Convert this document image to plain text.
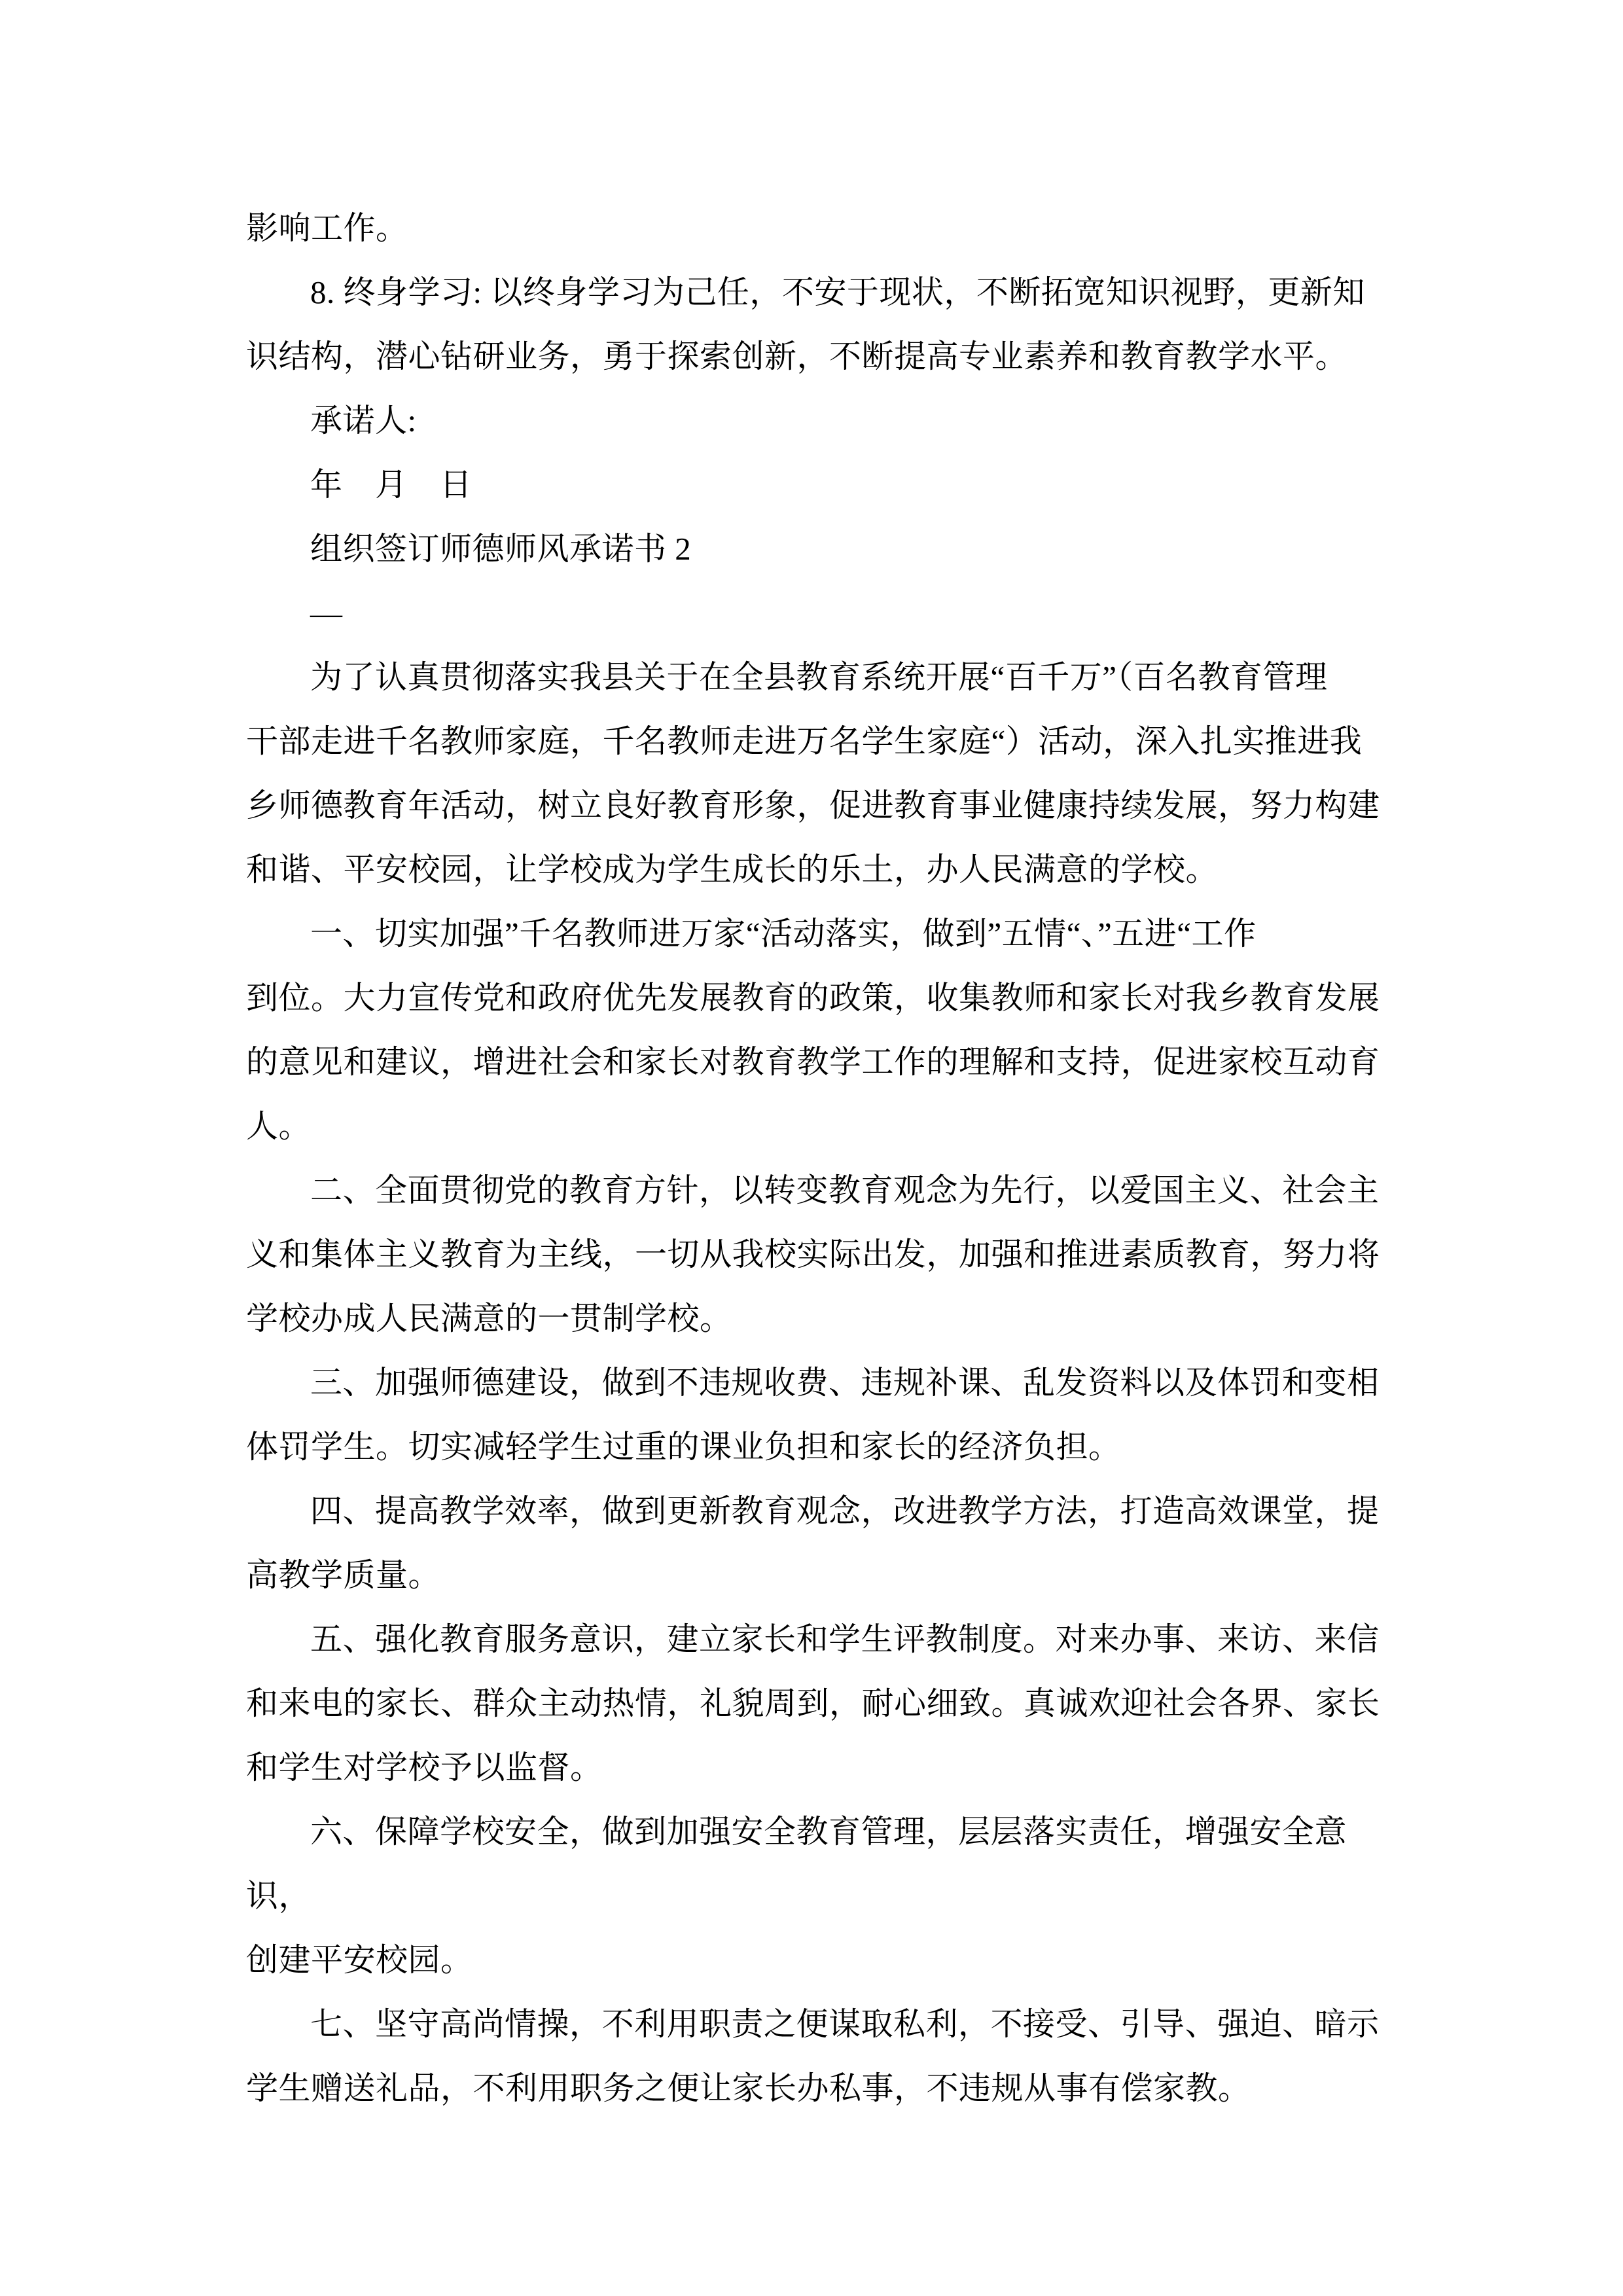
影响工作。
8. 终身学习: 以终身学习为己任，不安于现状，不断拓宽知识视野，更新知
识结构，潜心钻研业务，勇于探索创新，不断提高专业素养和教育教学水平。
承诺人:
年　月　日
组织签订师德师风承诺书 2
—
为了认真贯彻落实我县关于在全县教育系统开展“百千万”（百名教育管理
干部走进千名教师家庭，千名教师走进万名学生家庭“）活动，深入扎实推进我
乡师德教育年活动，树立良好教育形象，促进教育事业健康持续发展，努力构建
和谐、平安校园，让学校成为学生成长的乐土，办人民满意的学校。
一、切实加强”千名教师进万家“活动落实，做到”五情“、”五进“工作
到位。大力宣传党和政府优先发展教育的政策，收集教师和家长对我乡教育发展
的意见和建议，增进社会和家长对教育教学工作的理解和支持，促进家校互动育
人。
二、全面贯彻党的教育方针，以转变教育观念为先行，以爱国主义、社会主
义和集体主义教育为主线，一切从我校实际出发，加强和推进素质教育，努力将
学校办成人民满意的一贯制学校。
三、加强师德建设，做到不违规收费、违规补课、乱发资料以及体罚和变相
体罚学生。切实减轻学生过重的课业负担和家长的经济负担。
四、提高教学效率，做到更新教育观念，改进教学方法，打造高效课堂，提
高教学质量。
五、强化教育服务意识，建立家长和学生评教制度。对来办事、来访、来信
和来电的家长、群众主动热情，礼貌周到，耐心细致。真诚欢迎社会各界、家长
和学生对学校予以监督。
六、保障学校安全，做到加强安全教育管理，层层落实责任，增强安全意识，
创建平安校园。
七、坚守高尚情操，不利用职责之便谋取私利，不接受、引导、强迫、暗示
学生赠送礼品，不利用职务之便让家长办私事，不违规从事有偿家教。
